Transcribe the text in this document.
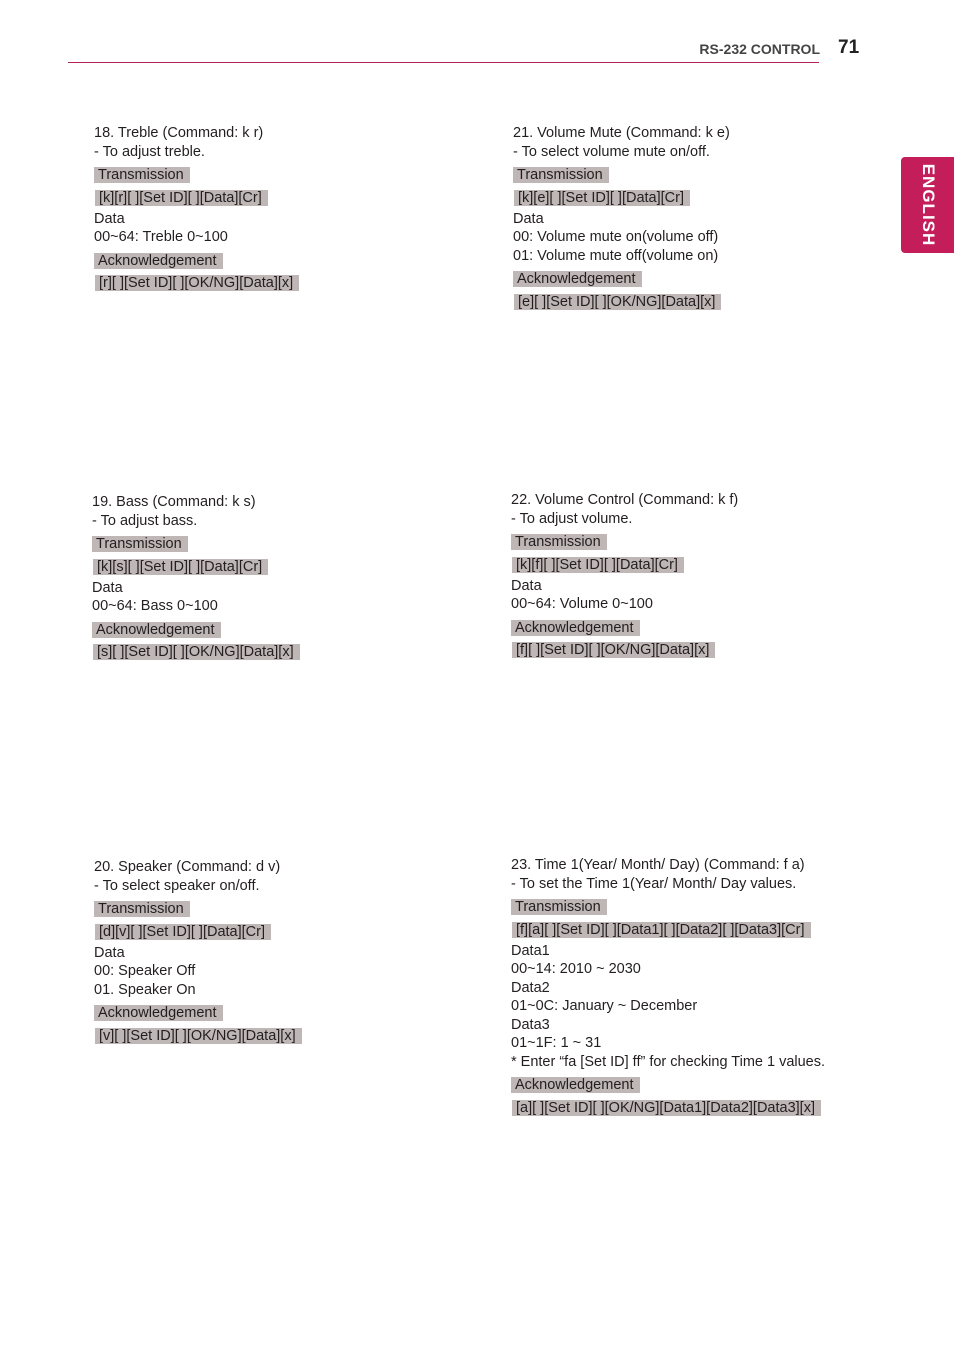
RS-232 CONTROL 71
ENGLISH
18. Treble (Command: k r)
- To adjust treble.
Transmission
[k][r][ ][Set ID][ ][Data][Cr]
Data
00~64: Treble 0~100
Acknowledgement
[r][ ][Set ID][ ][OK/NG][Data][x]
19. Bass (Command: k s)
- To adjust bass.
Transmission
[k][s][ ][Set ID][ ][Data][Cr]
Data
00~64: Bass 0~100
Acknowledgement
[s][ ][Set ID][ ][OK/NG][Data][x]
20. Speaker (Command: d v)
- To select speaker on/off.
Transmission
[d][v][ ][Set ID][ ][Data][Cr]
Data
00: Speaker Off
01. Speaker On
Acknowledgement
[v][ ][Set ID][ ][OK/NG][Data][x]
21. Volume Mute (Command: k e)
- To select volume mute on/off.
Transmission
[k][e][ ][Set ID][ ][Data][Cr]
Data
00: Volume mute on(volume off)
01: Volume mute off(volume on)
Acknowledgement
[e][ ][Set ID][ ][OK/NG][Data][x]
22. Volume Control (Command: k f)
- To adjust volume.
Transmission
[k][f][ ][Set ID][ ][Data][Cr]
Data
00~64: Volume 0~100
Acknowledgement
[f][ ][Set ID][ ][OK/NG][Data][x]
23. Time 1(Year/ Month/ Day) (Command: f a)
- To set the Time 1(Year/ Month/ Day values.
Transmission
[f][a][ ][Set ID][ ][Data1][ ][Data2][ ][Data3][Cr]
Data1
00~14: 2010 ~ 2030
Data2
01~0C: January ~ December
Data3
01~1F: 1 ~ 31
* Enter “fa [Set ID] ff” for checking Time 1 values.
Acknowledgement
[a][ ][Set ID][ ][OK/NG][Data1][Data2][Data3][x]
